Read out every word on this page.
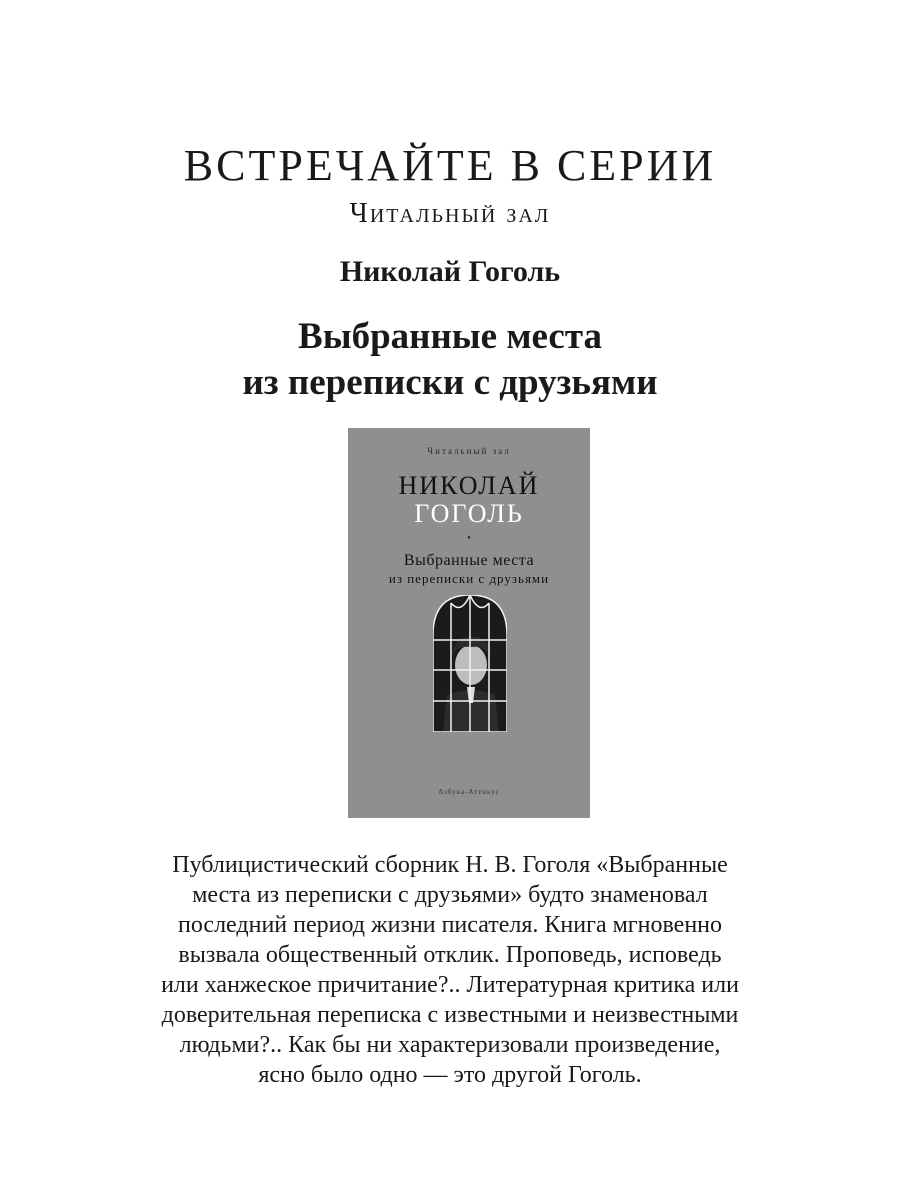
ВСТРЕЧАЙТЕ В СЕРИИ
Читальный зал
Николай Гоголь
Выбранные места
из переписки с друзьями
Читальный зал
НИКОЛАЙ
ГОГОЛЬ
•
Выбранные места
из переписки с друзьями
Азбука-Аттикус
Публицистический сборник Н. В. Гоголя «Выбранные
места из переписки с друзьями» будто знаменовал
последний период жизни писателя. Книга мгновенно
вызвала общественный отклик. Проповедь, исповедь
или ханжеское причитание?.. Литературная критика или
доверительная переписка с известными и неизвестными
людьми?.. Как бы ни характеризовали произведение,
ясно было одно — это другой Гоголь.
